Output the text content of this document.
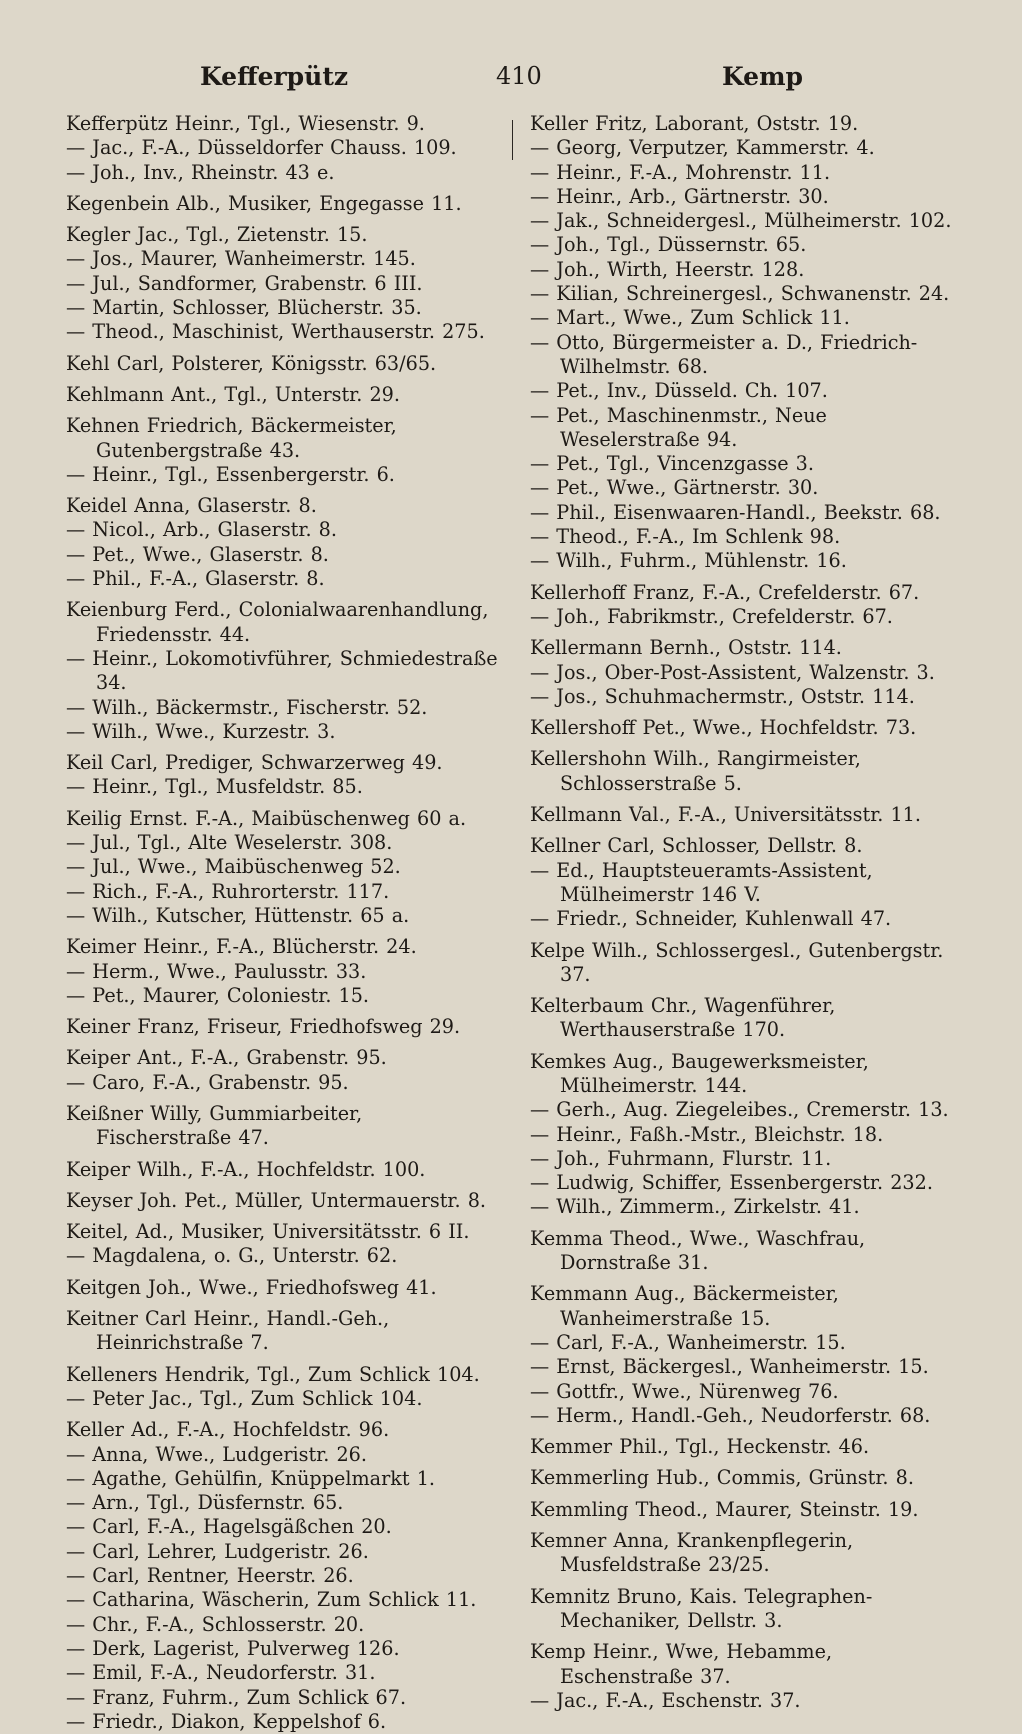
Kefferpütz	410	Kemp
Kefferpütz Heinr., Tgl., Wiesenstr. 9.
— Jac., F.-A., Düsseldorfer Chauss. 109.
— Joh., Inv., Rheinstr. 43 e.
Kegenbein Alb., Musiker, Engegasse 11.
Kegler Jac., Tgl., Zietenstr. 15.
— Jos., Maurer, Wanheimerstr. 145.
— Jul., Sandformer, Grabenstr. 6 III.
— Martin, Schlosser, Blücherstr. 35.
— Theod., Maschinist, Werthauserstr. 275.
Kehl Carl, Polsterer, Königsstr. 63/65.
Kehlmann Ant., Tgl., Unterstr. 29.
Kehnen Friedrich, Bäckermeister, Gutenbergstraße 43.
— Heinr., Tgl., Essenbergerstr. 6.
Keidel Anna, Glaserstr. 8.
— Nicol., Arb., Glaserstr. 8.
— Pet., Wwe., Glaserstr. 8.
— Phil., F.-A., Glaserstr. 8.
Keienburg Ferd., Colonialwaarenhandlung, Friedensstr. 44.
— Heinr., Lokomotivführer, Schmiedestraße 34.
— Wilh., Bäckermstr., Fischerstr. 52.
— Wilh., Wwe., Kurzestr. 3.
Keil Carl, Prediger, Schwarzerweg 49.
— Heinr., Tgl., Musfeldstr. 85.
Keilig Ernst. F.-A., Maibüschenweg 60 a.
— Jul., Tgl., Alte Weselerstr. 308.
— Jul., Wwe., Maibüschenweg 52.
— Rich., F.-A., Ruhrorterstr. 117.
— Wilh., Kutscher, Hüttenstr. 65 a.
Keimer Heinr., F.-A., Blücherstr. 24.
— Herm., Wwe., Paulusstr. 33.
— Pet., Maurer, Coloniestr. 15.
Keiner Franz, Friseur, Friedhofsweg 29.
Keiper Ant., F.-A., Grabenstr. 95.
— Caro, F.-A., Grabenstr. 95.
Keißner Willy, Gummiarbeiter, Fischerstraße 47.
Keiper Wilh., F.-A., Hochfeldstr. 100.
Keyser Joh. Pet., Müller, Untermauerstr. 8.
Keitel, Ad., Musiker, Universitätsstr. 6 II.
— Magdalena, o. G., Unterstr. 62.
Keitgen Joh., Wwe., Friedhofsweg 41.
Keitner Carl Heinr., Handl.-Geh., Heinrichstraße 7.
Kelleners Hendrik, Tgl., Zum Schlick 104.
— Peter Jac., Tgl., Zum Schlick 104.
Keller Ad., F.-A., Hochfeldstr. 96.
— Anna, Wwe., Ludgeristr. 26.
— Agathe, Gehülfin, Knüppelmarkt 1.
— Arn., Tgl., Düsfernstr. 65.
— Carl, F.-A., Hagelsgäßchen 20.
— Carl, Lehrer, Ludgeristr. 26.
— Carl, Rentner, Heerstr. 26.
— Catharina, Wäscherin, Zum Schlick 11.
— Chr., F.-A., Schlosserstr. 20.
— Derk, Lagerist, Pulverweg 126.
— Emil, F.-A., Neudorferstr. 31.
— Franz, Fuhrm., Zum Schlick 67.
— Friedr., Diakon, Keppelshof 6.
Keller Fritz, Laborant, Oststr. 19.
— Georg, Verputzer, Kammerstr. 4.
— Heinr., F.-A., Mohrenstr. 11.
— Heinr., Arb., Gärtnerstr. 30.
— Jak., Schneidergesl., Mülheimerstr. 102.
— Joh., Tgl., Düssernstr. 65.
— Joh., Wirth, Heerstr. 128.
— Kilian, Schreinergesl., Schwanenstr. 24.
— Mart., Wwe., Zum Schlick 11.
— Otto, Bürgermeister a. D., Friedrich-Wilhelmstr. 68.
— Pet., Inv., Düsseld. Ch. 107.
— Pet., Maschinenmstr., Neue Weselerstraße 94.
— Pet., Tgl., Vincenzgasse 3.
— Pet., Wwe., Gärtnerstr. 30.
— Phil., Eisenwaaren-Handl., Beekstr. 68.
— Theod., F.-A., Im Schlenk 98.
— Wilh., Fuhrm., Mühlenstr. 16.
Kellerhoff Franz, F.-A., Crefelderstr. 67.
— Joh., Fabrikmstr., Crefelderstr. 67.
Kellermann Bernh., Oststr. 114.
— Jos., Ober-Post-Assistent, Walzenstr. 3.
— Jos., Schuhmachermstr., Oststr. 114.
Kellershoff Pet., Wwe., Hochfeldstr. 73.
Kellershohn Wilh., Rangirmeister, Schlosserstraße 5.
Kellmann Val., F.-A., Universitätsstr. 11.
Kellner Carl, Schlosser, Dellstr. 8.
— Ed., Hauptsteueramts-Assistent, Mülheimerstr 146 V.
— Friedr., Schneider, Kuhlenwall 47.
Kelpe Wilh., Schlossergesl., Gutenbergstr. 37.
Kelterbaum Chr., Wagenführer, Werthauserstraße 170.
Kemkes Aug., Baugewerksmeister, Mülheimerstr. 144.
— Gerh., Aug. Ziegeleibes., Cremerstr. 13.
— Heinr., Faßh.-Mstr., Bleichstr. 18.
— Joh., Fuhrmann, Flurstr. 11.
— Ludwig, Schiffer, Essenbergerstr. 232.
— Wilh., Zimmerm., Zirkelstr. 41.
Kemma Theod., Wwe., Waschfrau, Dornstraße 31.
Kemmann Aug., Bäckermeister, Wanheimerstraße 15.
— Carl, F.-A., Wanheimerstr. 15.
— Ernst, Bäckergesl., Wanheimerstr. 15.
— Gottfr., Wwe., Nürenweg 76.
— Herm., Handl.-Geh., Neudorferstr. 68.
Kemmer Phil., Tgl., Heckenstr. 46.
Kemmerling Hub., Commis, Grünstr. 8.
Kemmling Theod., Maurer, Steinstr. 19.
Kemner Anna, Krankenpflegerin, Musfeldstraße 23/25.
Kemnitz Bruno, Kais. Telegraphen-Mechaniker, Dellstr. 3.
Kemp Heinr., Wwe, Hebamme, Eschenstraße 37.
— Jac., F.-A., Eschenstr. 37.
